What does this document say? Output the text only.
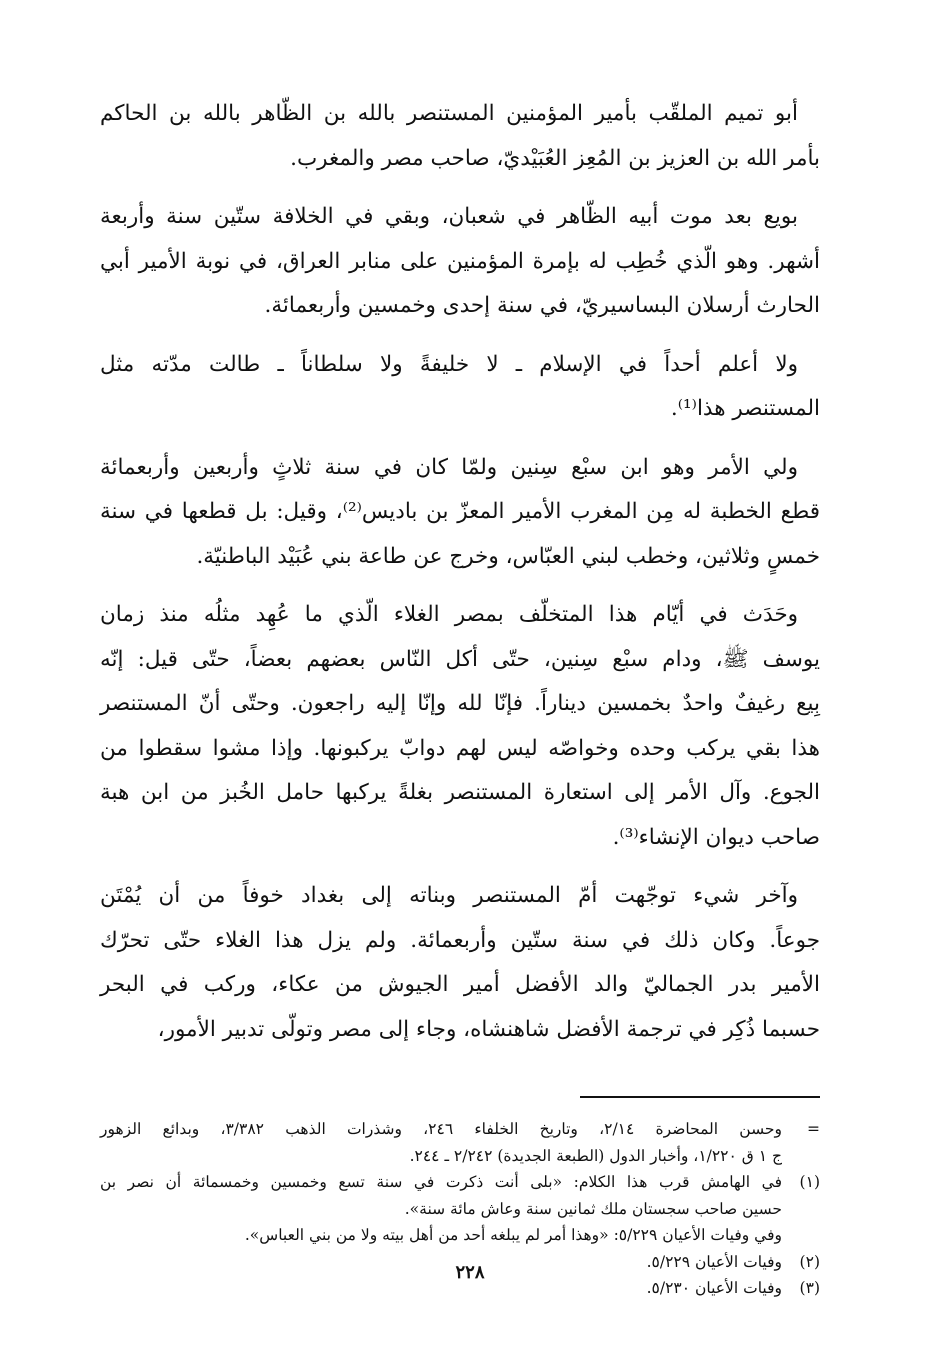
أبو تميم الملقّب بأمير المؤمنين المستنصر بالله بن الظّاهر بالله بن الحاكم
بأمر الله بن العزيز بن المُعِز العُبَيْديّ، صاحب مصر والمغرب.
بويع بعد موت أبيه الظّاهر في شعبان، وبقي في الخلافة ستّين سنة وأربعة
أشهر. وهو الّذي خُطِب له بإمرة المؤمنين على منابر العراق، في نوبة الأمير أبي
الحارث أرسلان البساسيريّ، في سنة إحدى وخمسين وأربعمائة.
ولا أعلم أحداً في الإسلام ـ لا خليفةً ولا سلطاناً ـ طالت مدّته مثل
المستنصر هذا⁽¹⁾.
ولي الأمر وهو ابن سبْع سِنين ولمّا كان في سنة ثلاثٍ وأربعين وأربعمائة
قطع الخطبة له مِن المغرب الأمير المعزّ بن باديس⁽²⁾، وقيل: بل قطعها في سنة
خمسٍ وثلاثين، وخطب لبني العبّاس، وخرج عن طاعة بني عُبَيْد الباطنيّة.
وحَدَث في أيّام هذا المتخلّف بمصر الغلاء الّذي ما عُهِد مثلُه منذ زمان
يوسف ﷺ، ودام سبْع سِنين، حتّى أكل النّاس بعضهم بعضاً، حتّى قيل: إنّه
بِيع رغيفٌ واحدٌ بخمسين ديناراً. فإنّا لله وإنّا إليه راجعون. وحتّى أنّ المستنصر
هذا بقي يركب وحده وخواصّه ليس لهم دوابّ يركبونها. وإذا مشوا سقطوا من
الجوع. وآل الأمر إلى استعارة المستنصر بغلةً يركبها حامل الخُبز من ابن هبة
صاحب ديوان الإنشاء⁽³⁾.
وآخر شيء توجّهت أمّ المستنصر وبناته إلى بغداد خوفاً من أن يُمْتَن
جوعاً. وكان ذلك في سنة ستّين وأربعمائة. ولم يزل هذا الغلاء حتّى تحرّك
الأمير بدر الجماليّ والد الأفضل أمير الجيوش من عكاء، وركب في البحر
حسبما ذُكِر في ترجمة الأفضل شاهنشاه، وجاء إلى مصر وتولّى تدبير الأمور،
=
وحسن المحاضرة ٢/١٤، وتاريخ الخلفاء ٢٤٦، وشذرات الذهب ٣/٣٨٢، وبدائع الزهور
ج ١ ق ١/٢٢٠، وأخبار الدول (الطبعة الجديدة) ٢/٢٤٢ ـ ٢٤٤.
(١)
في الهامش قرب هذا الكلام: «بلى أنت ذكرت في سنة تسع وخمسين وخمسمائة أن نصر بن
حسين صاحب سجستان ملك ثمانين سنة وعاش مائة سنة».
وفي وفيات الأعيان ٥/٢٢٩: «وهذا أمر لم يبلغه أحد من أهل بيته ولا من بني العباس».
(٢)
وفيات الأعيان ٥/٢٢٩.
(٣)
وفيات الأعيان ٥/٢٣٠.
٢٢٨
